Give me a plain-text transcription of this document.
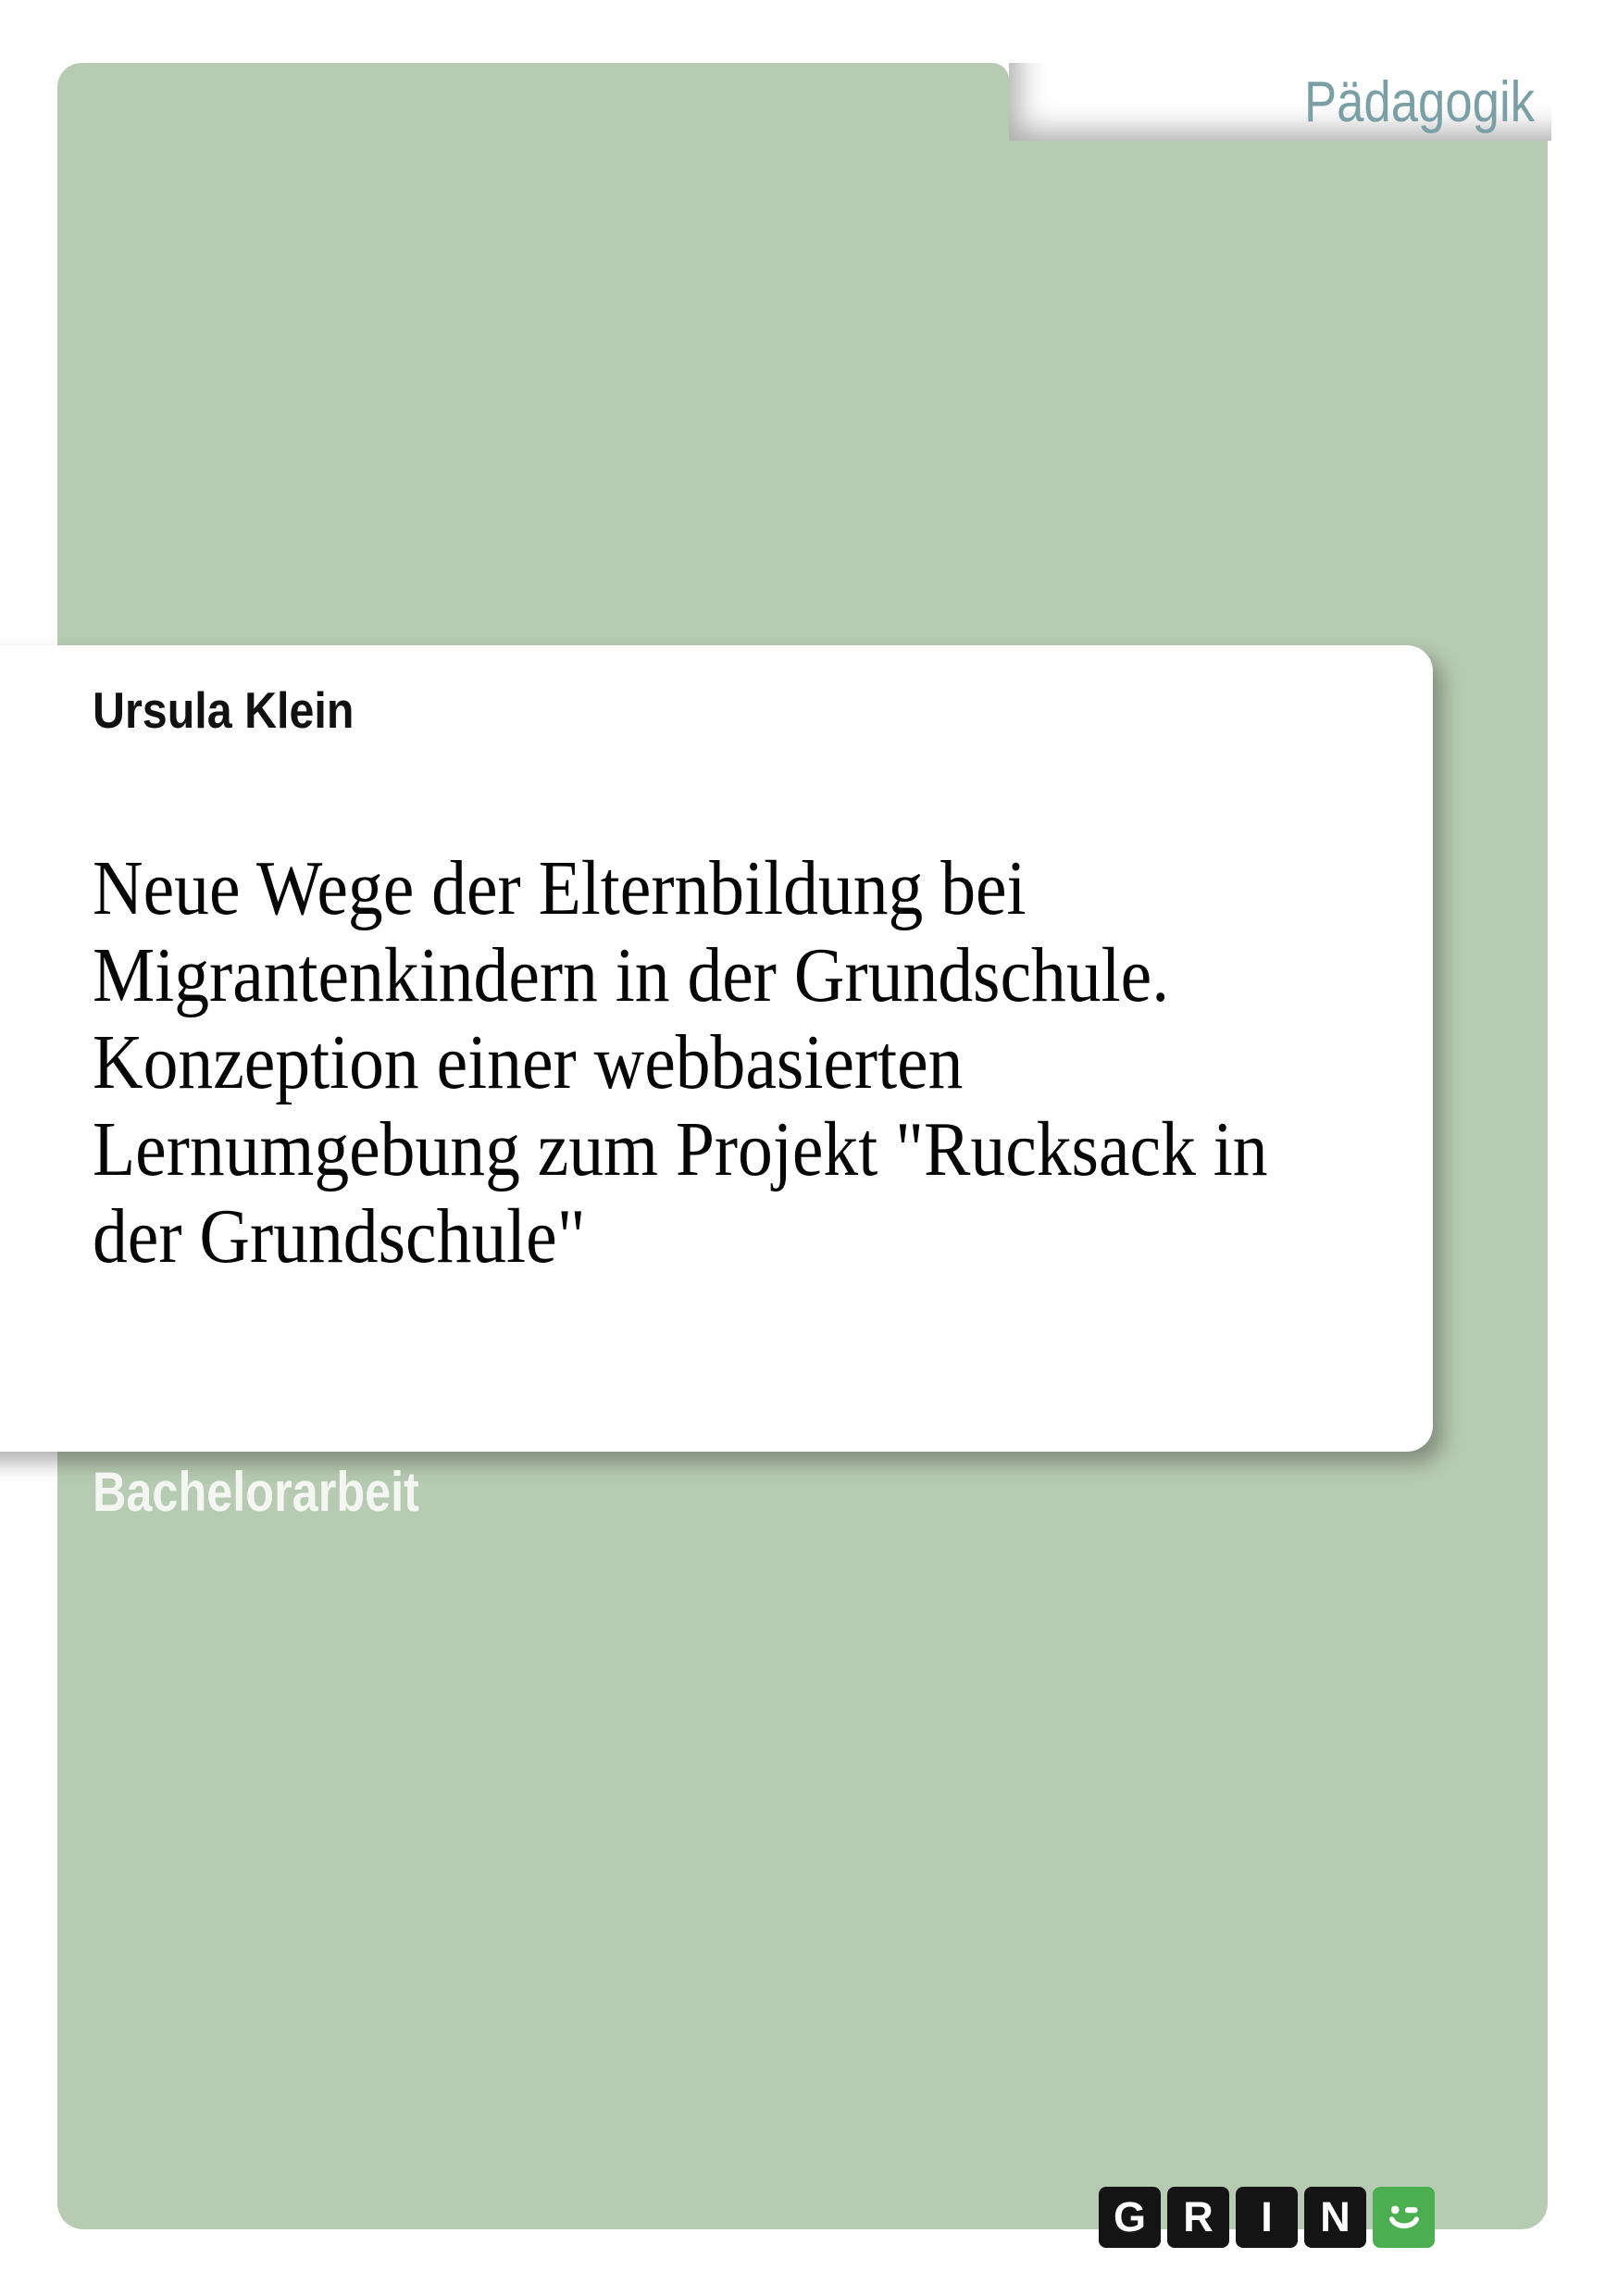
Pädagogik
Ursula Klein
Neue Wege der Elternbildung bei
Migrantenkindern in der Grundschule.
Konzeption einer webbasierten
Lernumgebung zum Projekt "Rucksack in
der Grundschule"
Bachelorarbeit
G R I N
